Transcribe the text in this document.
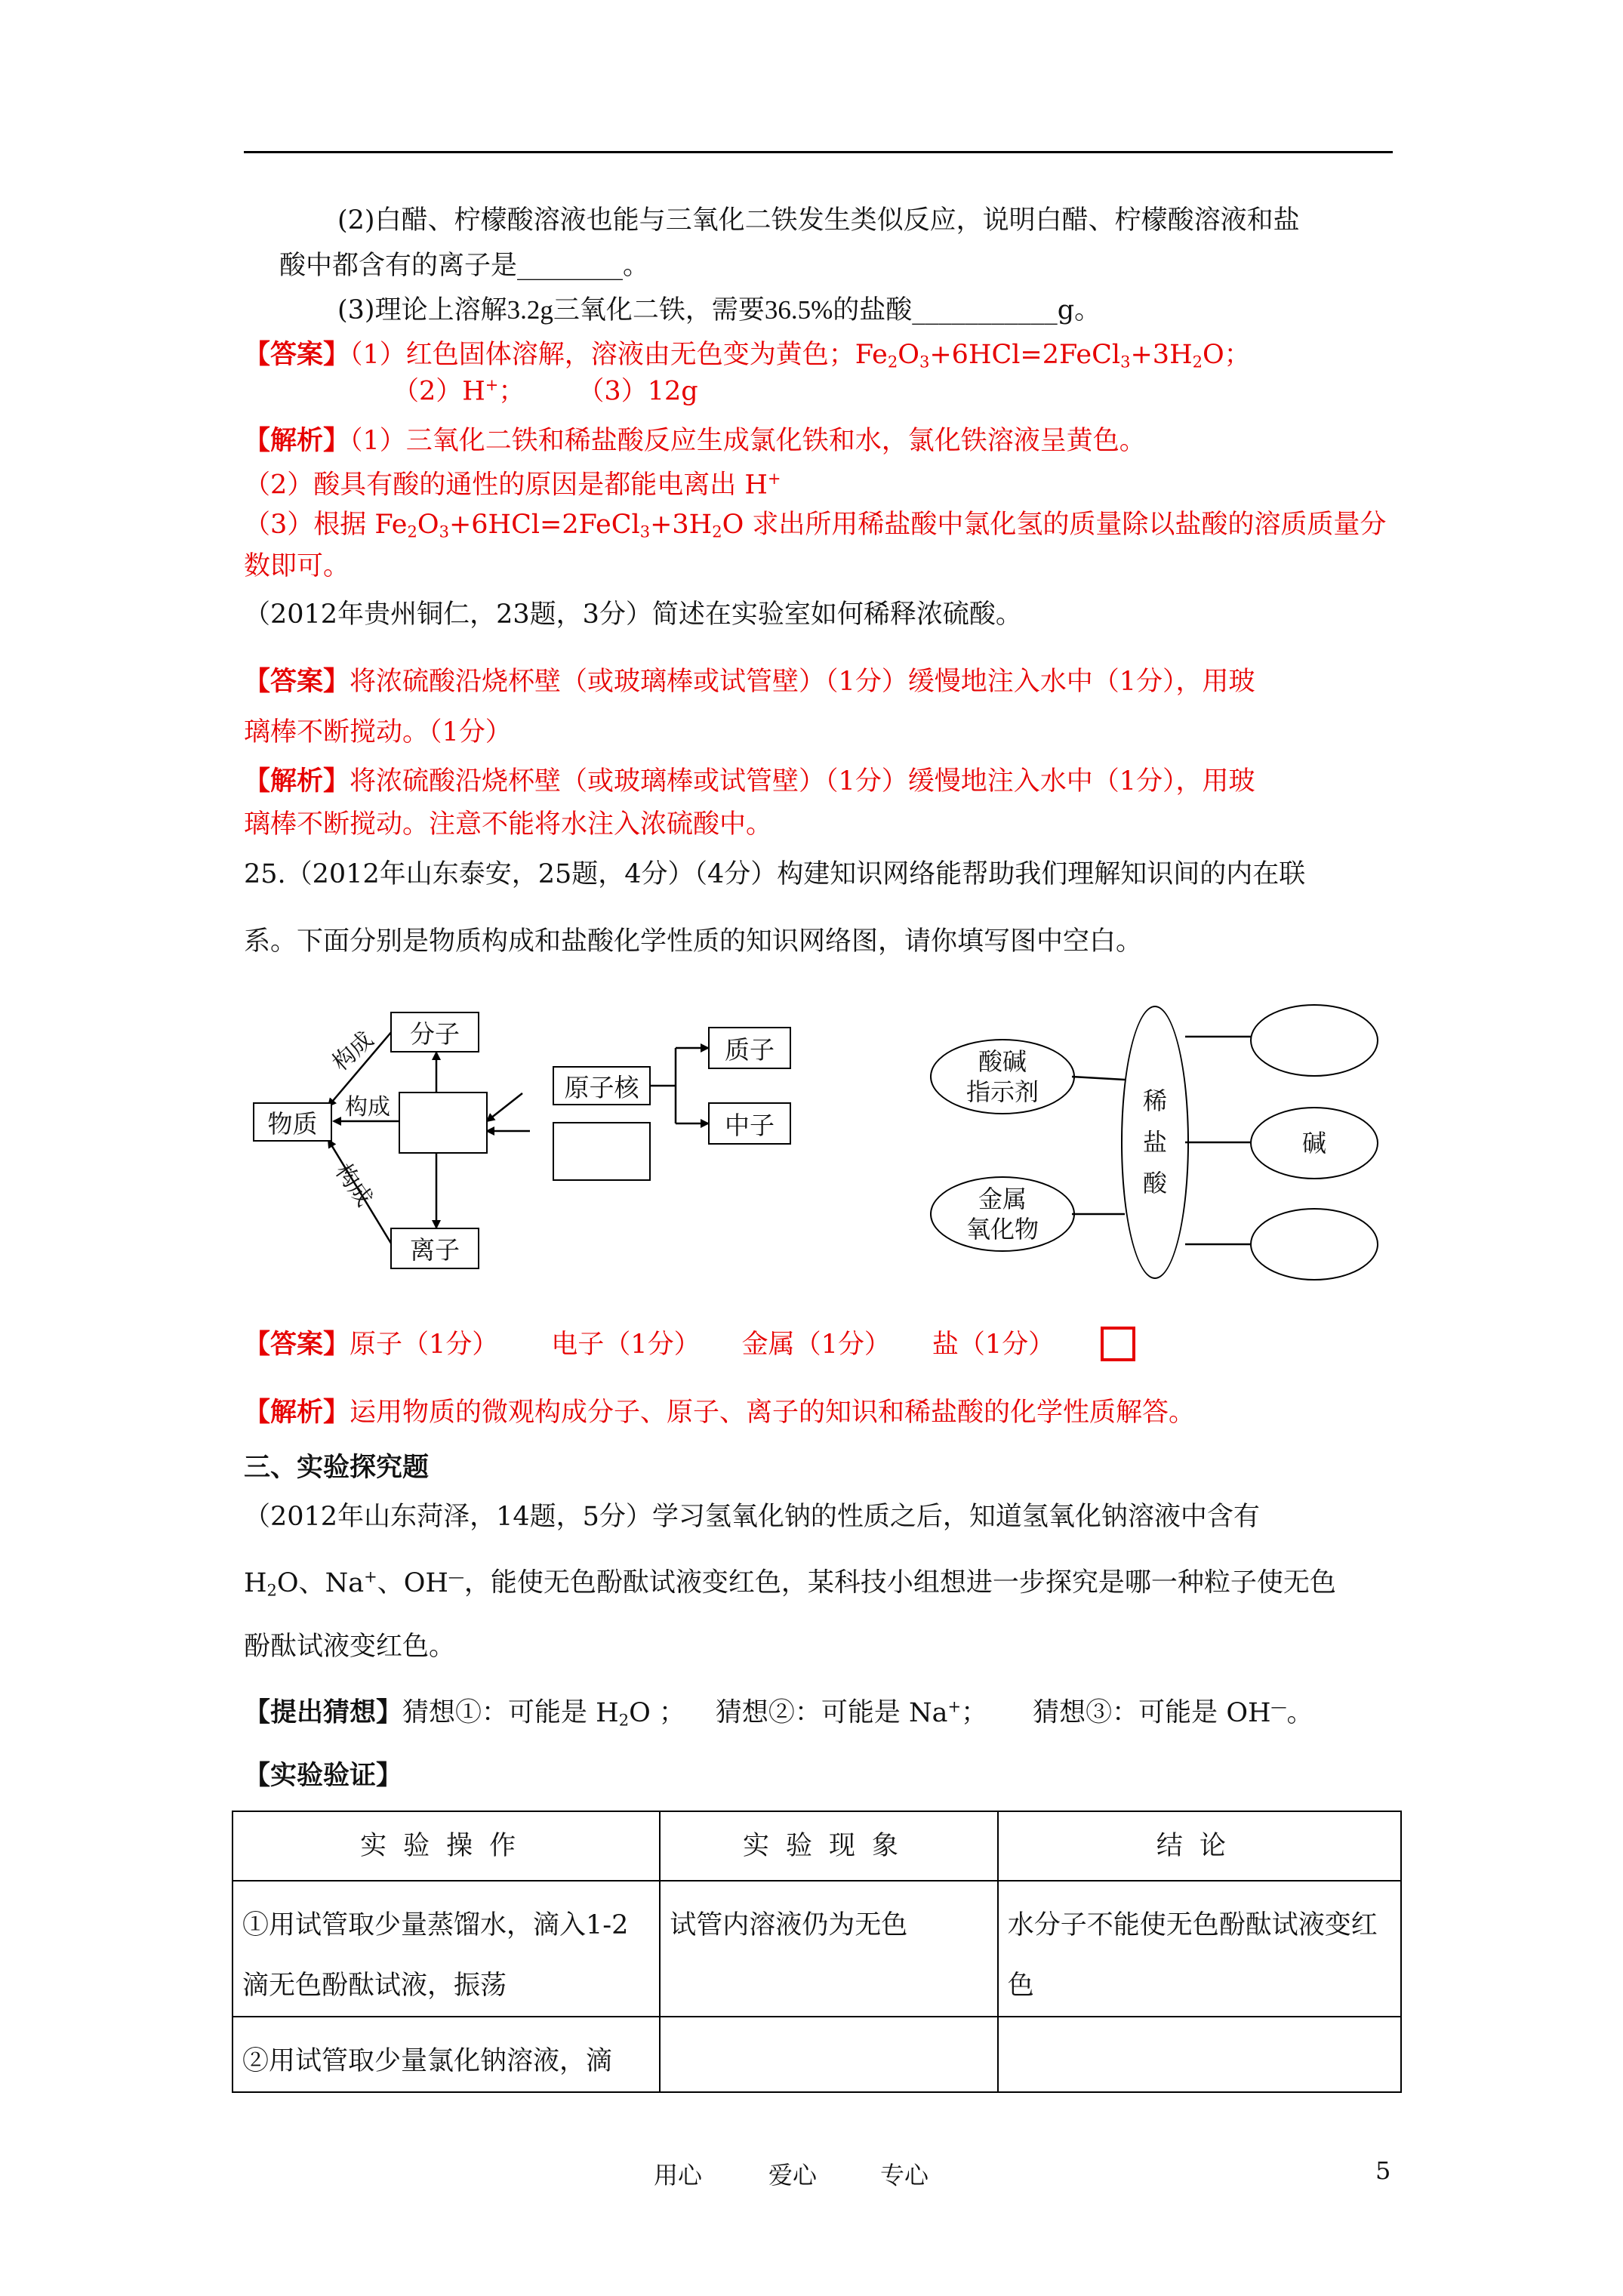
(2)白醋、柠檬酸溶液也能与三氧化二铁发生类似反应，说明白醋、柠檬酸溶液和盐
酸中都含有的离子是________。
(3)理论上溶解3.2g三氧化二铁，需要36.5%的盐酸___________g。
【答案】（1）红色固体溶解，溶液由无色变为黄色；$Fe_2O_3+6HCl=2FeCl_3+3H_2O$；
（2）H+； （3）12g
【解析】（1）三氧化二铁和稀盐酸反应生成氯化铁和水，氯化铁溶液呈黄色。
（2）酸具有酸的通性的原因是都能电离出 H+
（3）根据 $Fe_2O_3+6HCl=2FeCl_3+3H_2O$ 求出所用稀盐酸中氯化氢的质量除以盐酸的溶质质量分
数即可。
（2012年贵州铜仁，23题，3分）简述在实验室如何稀释浓硫酸。
【答案】将浓硫酸沿烧杯壁（或玻璃棒或试管壁）（1分）缓慢地注入水中（1分），用玻
璃棒不断搅动。（1分）
【解析】将浓硫酸沿烧杯壁（或玻璃棒或试管壁）（1分）缓慢地注入水中（1分），用玻
璃棒不断搅动。注意不能将水注入浓硫酸中。
25.（2012年山东泰安，25题，4分）（4分）构建知识网络能帮助我们理解知识间的内在联
系。下面分别是物质构成和盐酸化学性质的知识网络图，请你填写图中空白。
分子
物质
离子
原子核
质子
中子
构成
构成
构成
酸碱
指示剂
金属
氧化物
稀
盐
酸
碱
【答案】原子（1分） 电子（1分） 金属（1分） 盐（1分）
【解析】运用物质的微观构成分子、原子、离子的知识和稀盐酸的化学性质解答。
三、实验探究题
（2012年山东菏泽，14题，5分）学习氢氧化钠的性质之后，知道氢氧化钠溶液中含有
$H_2O$、Na+、OH—，能使无色酚酞试液变红色，某科技小组想进一步探究是哪一种粒子使无色
酚酞试液变红色。
【提出猜想】猜想①：可能是 $H_2O$ ； 猜想②：可能是 Na+； 猜想③：可能是 OH—。
【实验验证】
实验操作	实验现象	结论
①用试管取少量蒸馏水，滴入1-2滴无色酚酞试液，振荡	试管内溶液仍为无色	水分子不能使无色酚酞试液变红色
②用试管取少量氯化钠溶液，滴		
用心	爱心	专心	5
